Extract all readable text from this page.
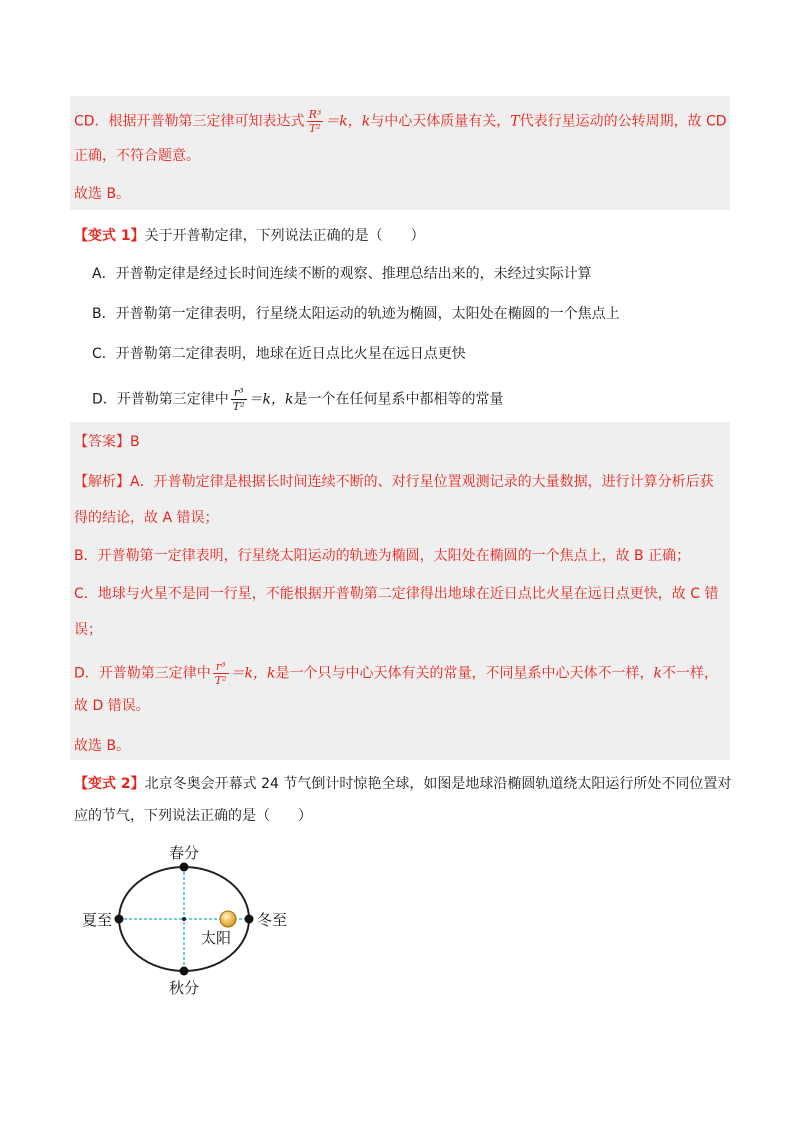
CD．根据开普勒第三定律可知表达式 $\frac{\text{R³}}{\text{T²}} =k$，k与中心天体质量有关，T代表行星运动的公转周期，故 CD
正确，不符合题意。
故选 B。
【变式 1】关于开普勒定律，下列说法正确的是（　　）
A．开普勒定律是经过长时间连续不断的观察、推理总结出来的，未经过实际计算
B．开普勒第一定律表明，行星绕太阳运动的轨迹为椭圆，太阳处在椭圆的一个焦点上
C．开普勒第二定律表明，地球在近日点比火星在远日点更快
D．开普勒第三定律中 $\frac{\text{r³}}{\text{T²}} =k$，k是一个在任何星系中都相等的常量
【答案】B
【解析】A．开普勒定律是根据长时间连续不断的、对行星位置观测记录的大量数据，进行计算分析后获
得的结论，故 A 错误；
B．开普勒第一定律表明，行星绕太阳运动的轨迹为椭圆，太阳处在椭圆的一个焦点上，故 B 正确；
C．地球与火星不是同一行星，不能根据开普勒第二定律得出地球在近日点比火星在远日点更快，故 C 错
误；
D．开普勒第三定律中 $\frac{\text{r³}}{\text{T²}} =k$，k是一个只与中心天体有关的常量，不同星系中心天体不一样，k不一样，
故 D 错误。
故选 B。
【变式 2】北京冬奥会开幕式 24 节气倒计时惊艳全球，如图是地球沿椭圆轨道绕太阳运行所处不同位置对
应的节气，下列说法正确的是（　　）
春分
夏至	冬至
秋分
太阳
